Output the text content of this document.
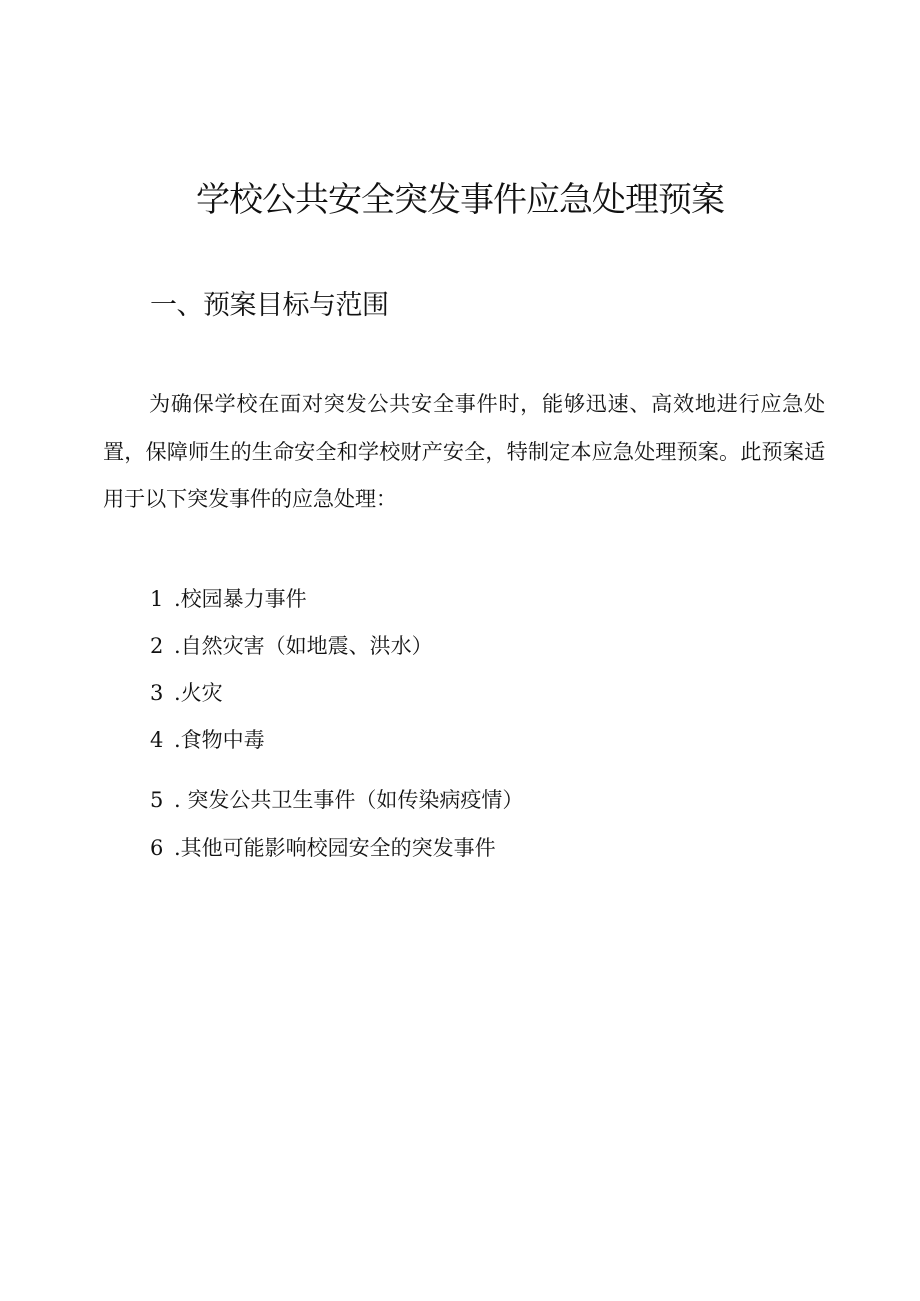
学校公共安全突发事件应急处理预案
一、预案目标与范围

为确保学校在面对突发公共安全事件时，能够迅速、高效地进行应急处置，保障师生的生命安全和学校财产安全，特制定本应急处理预案。此预案适用于以下突发事件的应急处理：

1 .校园暴力事件
2 .自然灾害（如地震、洪水）
3 .火灾
4 .食物中毒
5 . 突发公共卫生事件（如传染病疫情）
6 .其他可能影响校园安全的突发事件
